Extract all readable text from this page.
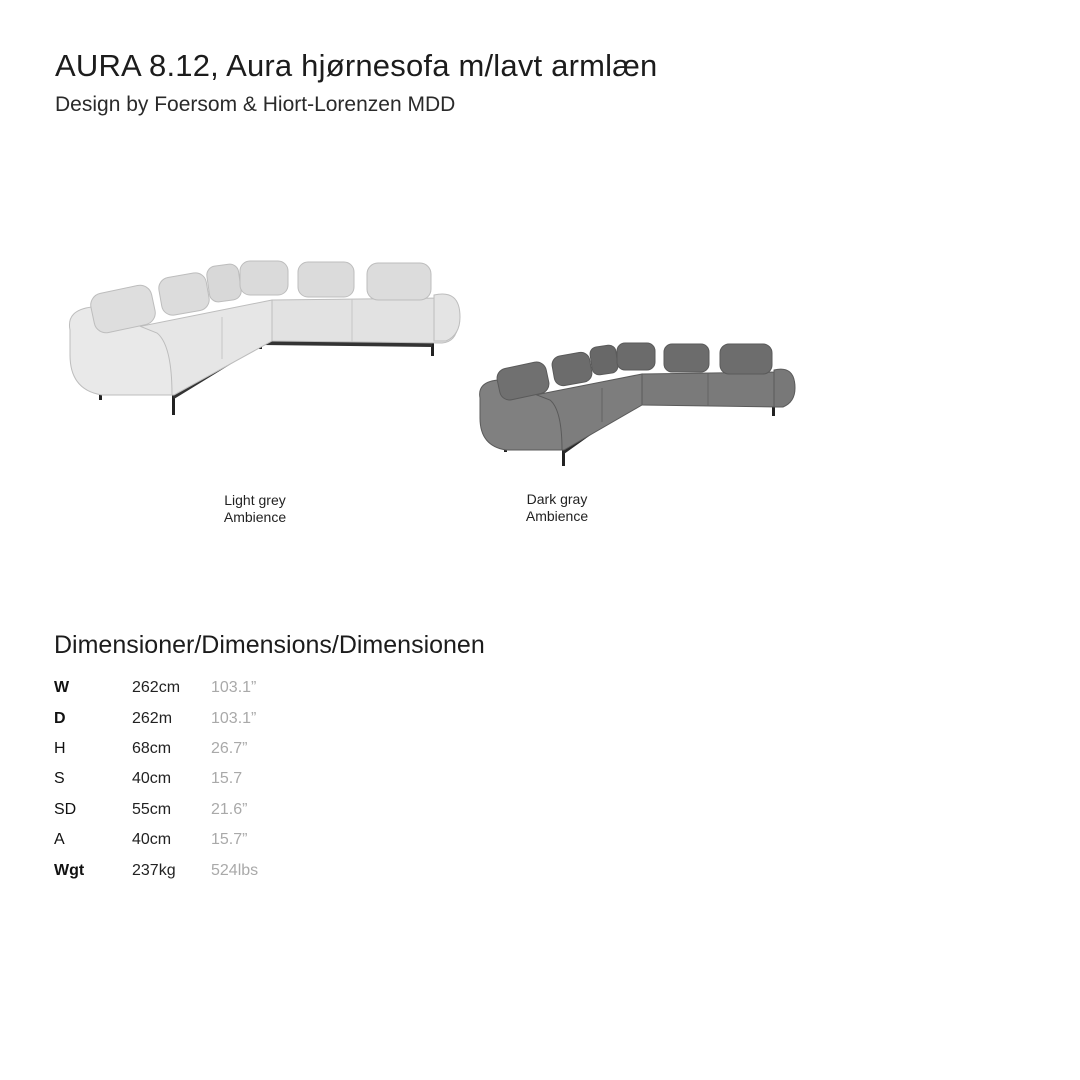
AURA 8.12, Aura hjørnesofa m/lavt armlæn
Design by Foersom & Hiort-Lorenzen MDD
Light grey
Ambience
Dark gray
Ambience
Dimensioner/Dimensions/Dimensionen
W	262cm	103.1”
D	262m	103.1”
H	68cm	26.7”
S	40cm	15.7
SD	55cm	21.6”
A	40cm	15.7”
Wgt	237kg	524lbs
